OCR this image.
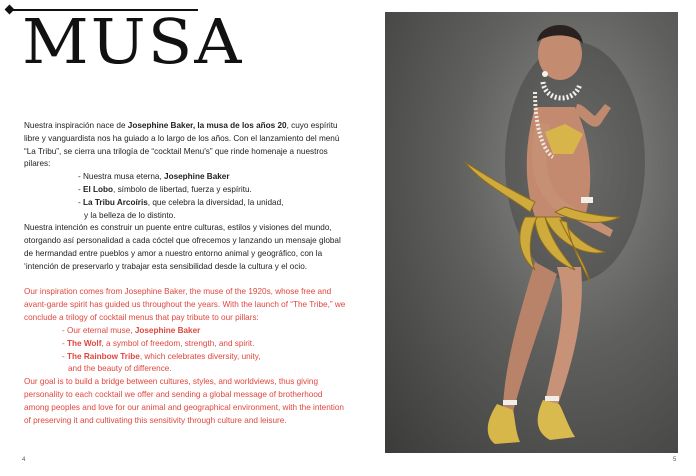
MUSA

Nuestra inspiración nace de Josephine Baker, la musa de los años 20, cuyo espíritu libre y vanguardista nos ha guiado a lo largo de los años. Con el lanzamiento del menú “La Tribu”, se cierra una trilogía de “cocktail Menu's” que rinde homenaje a nuestros pilares:

- Nuestra musa eterna, Josephine Baker
- El Lobo, símbolo de libertad, fuerza y espíritu.
- La Tribu Arcoíris, que celebra la diversidad, la unidad,
y la belleza de lo distinto.

Nuestra intención es construir un puente entre culturas, estilos y visiones del mundo, otorgando así personalidad a cada cóctel que ofrecemos y lanzando un mensaje global de hermandad entre pueblos y amor a nuestro entorno animal y geográfico, con la ‘intención de preservarlo y trabajar esta sensibilidad desde la cultura y el ocio.

Our inspiration comes from Josephine Baker, the muse of the 1920s, whose free and avant-garde spirit has guided us throughout the years. With the launch of “The Tribe,” we conclude a trilogy of cocktail menus that pay tribute to our pillars:

- Our eternal muse, Josephine Baker
- The Wolf, a symbol of freedom, strength, and spirit.
- The Rainbow Tribe, which celebrates diversity, unity,
and the beauty of difference.

Our goal is to build a bridge between cultures, styles, and worldviews, thus giving personality to each cocktail we offer and sending a global message of brotherhood among peoples and love for our animal and geographical environment, with the intention of preserving it and cultivating this sensitivity through culture and leisure.

4	5
